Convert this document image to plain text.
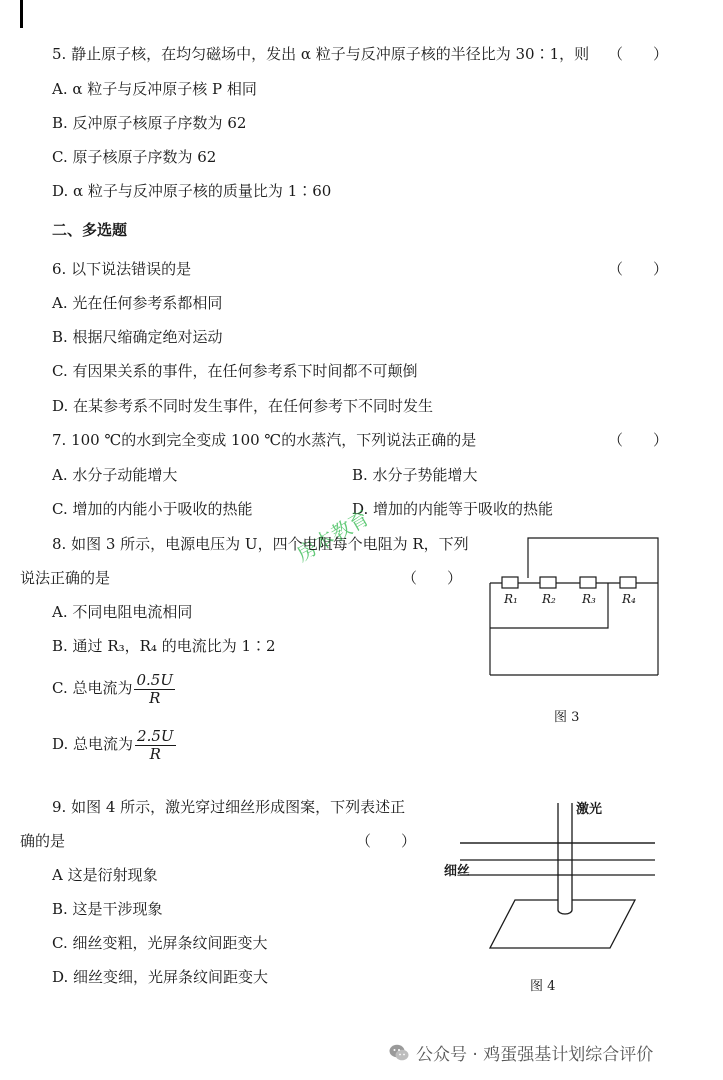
5. 静止原子核，在均匀磁场中，发出 α 粒子与反冲原子核的半径比为 30∶1，则 （　　）
A. α 粒子与反冲原子核 P 相同
B. 反冲原子核原子序数为 62
C. 原子核原子序数为 62
D. α 粒子与反冲原子核的质量比为 1∶60
二、多选题
6. 以下说法错误的是	（　　）
A. 光在任何参考系都相同
B. 根据尺缩确定绝对运动
C. 有因果关系的事件，在任何参考系下时间都不可颠倒
D. 在某参考系不同时发生事件，在任何参考下不同时发生
7. 100 ℃的水到完全变成 100 ℃的水蒸汽，下列说法正确的是	（　　）
A. 水分子动能增大	B. 水分子势能增大
C. 增加的内能小于吸收的热能	D. 增加的内能等于吸收的热能
房本教育
8. 如图 3 所示，电源电压为 U，四个电阻每个电阻为 R，下列
说法正确的是	（　　）
A. 不同电阻电流相同
B. 通过 R₃，R₄ 的电流比为 1∶2
C. 总电流为 $\frac{0.5U}{R}$
D. 总电流为 $\frac{2.5U}{R}$
R₁ R₂ R₃ R₄
图 3
9. 如图 4 所示，激光穿过细丝形成图案，下列表述正
确的是	（　　）
A 这是衍射现象
B. 这是干涉现象
C. 细丝变粗，光屏条纹间距变大
D. 细丝变细，光屏条纹间距变大
激光
细丝
图 4
公众号 · 鸡蛋强基计划综合评价
